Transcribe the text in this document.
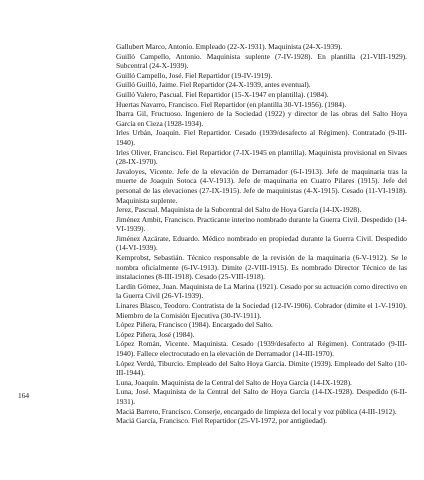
164
Gallubert Marco, Antonio. Empleado (22-X-1931). Maquinista (24-X-1939).
Guilló Campello, Antonio. Maquinista suplente (7-IV-1928). En plantilla (21-VIII-1929). Subcentral (24-X-1939).
Guilló Campello, José. Fiel Repartidor (19-IV-1919).
Guilló Guilló, Jaime. Fiel Repartidor (24-X-1939, antes eventual).
Guilló Valero, Pascual. Fiel Repartidor (15-X-1947 en plantilla). (1984).
Huertas Navarro, Francisco. Fiel Repartidor (en plantilla 30-VI-1956). (1984).
Ibarra Gil, Fructuoso. Ingeniero de la Sociedad (1922) y director de las obras del Salto Hoya García en Cieza (1928-1934).
Irles Urbán, Joaquín. Fiel Repartidor. Cesado (1939/desafecto al Régimen). Contratado (9-III-1940).
Irles Oliver, Francisco. Fiel Repartidor (7-IX-1945 en plantilla). Maquinista provisional en Sivaes (28-IX-1970).
Javaloyes, Vicente. Jefe de la elevación de Derramador (6-I-1913). Jefe de maquinaria tras la muerte de Joaquín Sotoca (4-V-1913). Jefe de maquinaria en Cuatro Pilares (1915). Jefe del personal de las elevaciones (27-IX-1915). Jefe de maquinistas (4-X-1915). Cesado (11-VI-1918). Maquinista suplente.
Jerez, Pascual. Maquinista de la Subcentral del Salto de Hoya García (14-IX-1928).
Jiménez Ambit, Francisco. Practicante interino nombrado durante la Guerra Civil. Despedido (14-VI-1939).
Jiménez Azcárate, Eduardo. Médico nombrado en propiedad durante la Guerra Civil. Despedido (14-VI-1939).
Kemprobst, Sebastián. Técnico responsable de la revisión de la maquinaria (6-V-1912). Se le nombra oficialmente (6-IV-1913). Dimite (2-VIII-1915). Es nombrado Director Técnico de las instalaciones (8-III-1918). Cesado (25-VIII-1918).
Lardín Gómez, Juan. Maquinista de La Marina (1921). Cesado por su actuación como directivo en la Guerra Civil (26-VI-1939).
Linares Blasco, Teodoro. Contratista de la Sociedad (12-IV-1906). Cobrador (dimite el 1-V-1910). Miembro de la Comisión Ejecutiva (30-IV-1911).
López Piñera, Francisco (1984). Encargado del Salto.
López Piñera, José (1984).
López Román, Vicente. Maquinista. Cesado (1939/desafecto al Régimen). Contratado (9-III-1940). Fallece electrocutado en la elevación de Derramador (14-III-1970).
López Verdú, Tiburcio. Empleado del Salto Hoya García. Dimite (1939). Empleado del Salto (10-III-1944).
Luna, Joaquín. Maquinista de la Central del Salto de Hoya García (14-IX-1928).
Luna, José. Maquinista de la Central del Salto de Hoya García (14-IX-1928). Despedido (6-II-1931).
Maciá Barreto, Francisco. Conserje, encargado de limpieza del local y voz pública (4-III-1912).
Maciá García, Francisco. Fiel Repartidor (25-VI-1972, por antigüedad).
